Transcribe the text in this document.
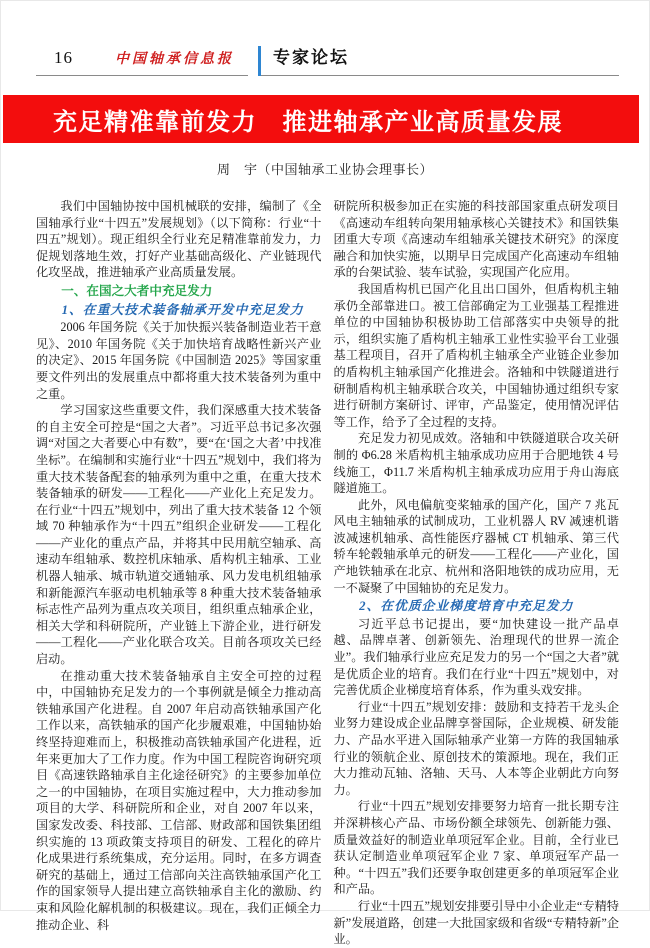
16	中国轴承信息报	专家论坛
充足精准靠前发力　推进轴承产业高质量发展
周　宇（中国轴承工业协会理事长）
我们中国轴协按中国机械联的安排，编制了《全国轴承行业“十四五”发展规划》（以下简称：行业“十四五”规划）。现正组织全行业充足精准靠前发力，力促规划落地生效，打好产业基础高级化、产业链现代化攻坚战，推进轴承产业高质量发展。
一、在国之大者中充足发力
1、在重大技术装备轴承开发中充足发力
2006 年国务院《关于加快振兴装备制造业若干意见》、2010 年国务院《关于加快培育战略性新兴产业的决定》、2015 年国务院《中国制造 2025》等国家重要文件列出的发展重点中都将重大技术装备列为重中之重。
学习国家这些重要文件，我们深感重大技术装备的自主安全可控是“国之大者”。习近平总书记多次强调“对国之大者要心中有数”，要“在‘国之大者’中找准坐标”。在编制和实施行业“十四五”规划中，我们将为重大技术装备配套的轴承列为重中之重，在重大技术装备轴承的研发——工程化——产业化上充足发力。在行业“十四五”规划中，列出了重大技术装备 12 个领域 70 种轴承作为“十四五”组织企业研发——工程化——产业化的重点产品，并将其中民用航空轴承、高速动车组轴承、数控机床轴承、盾构机主轴承、工业机器人轴承、城市轨道交通轴承、风力发电机组轴承和新能源汽车驱动电机轴承等 8 种重大技术装备轴承标志性产品列为重点攻关项目，组织重点轴承企业，相关大学和科研院所，产业链上下游企业，进行研发——工程化——产业化联合攻关。目前各项攻关已经启动。
在推动重大技术装备轴承自主安全可控的过程中，中国轴协充足发力的一个事例就是倾全力推动高铁轴承国产化进程。自 2007 年启动高铁轴承国产化工作以来，高铁轴承的国产化步履艰难，中国轴协始终坚持迎难而上，积极推动高铁轴承国产化进程，近年来更加大了工作力度。作为中国工程院咨询研究项目《高速铁路轴承自主化途径研究》的主要参加单位之一的中国轴协，在项目实施过程中，大力推动参加项目的大学、科研院所和企业，对自 2007 年以来，国家发改委、科技部、工信部、财政部和国铁集团组织实施的 13 项政策支持项目的研发、工程化的碎片化成果进行系统集成，充分运用。同时，在多方调查研究的基础上，通过工信部向关注高铁轴承国产化工作的国家领导人提出建立高铁轴承自主化的激励、约束和风险化解机制的积极建议。现在，我们正倾全力推动企业、科
研院所积极参加正在实施的科技部国家重点研发项目《高速动车组转向架用轴承核心关键技术》和国铁集团重大专项《高速动车组轴承关键技术研究》的深度融合和加快实施，以期早日完成国产化高速动车组轴承的台架试验、装车试验，实现国产化应用。
我国盾构机已国产化且出口国外，但盾构机主轴承仍全部靠进口。被工信部确定为工业强基工程推进单位的中国轴协积极协助工信部落实中央领导的批示，组织实施了盾构机主轴承工业性实验平台工业强基工程项目，召开了盾构机主轴承全产业链企业参加的盾构机主轴承国产化推进会。洛轴和中铁隧道进行研制盾构机主轴承联合攻关，中国轴协通过组织专家进行研制方案研讨、评审，产品鉴定，使用情况评估等工作，给予了全过程的支持。
充足发力初见成效。洛轴和中铁隧道联合攻关研制的 Φ6.28 米盾构机主轴承成功应用于合肥地铁 4 号线施工，Φ11.7 米盾构机主轴承成功应用于舟山海底隧道施工。
此外，风电偏航变桨轴承的国产化，国产 7 兆瓦风电主轴轴承的试制成功，工业机器人 RV 减速机谐波减速机轴承、高性能医疗器械 CT 机轴承、第三代轿车轮毂轴承单元的研发——工程化——产业化，国产地铁轴承在北京、杭州和洛阳地铁的成功应用，无一不凝聚了中国轴协的充足发力。
2、在优质企业梯度培育中充足发力
习近平总书记提出，要“加快建设一批产品卓越、品牌卓著、创新领先、治理现代的世界一流企业”。我们轴承行业应充足发力的另一个“国之大者”就是优质企业的培育。我们在行业“十四五”规划中，对完善优质企业梯度培育体系，作为重头戏安排。
行业“十四五”规划安排：鼓励和支持若干龙头企业努力建设成企业品牌享誉国际，企业规模、研发能力、产品水平进入国际轴承产业第一方阵的我国轴承行业的领航企业、原创技术的策源地。现在，我们正大力推动瓦轴、洛轴、天马、人本等企业朝此方向努力。
行业“十四五”规划安排要努力培育一批长期专注并深耕核心产品、市场份额全球领先、创新能力强、质量效益好的制造业单项冠军企业。目前，全行业已获认定制造业单项冠军企业 7 家、单项冠军产品一种。“十四五”我们还要争取创建更多的单项冠军企业和产品。
行业“十四五”规划安排要引导中小企业走“专精特新”发展道路，创建一大批国家级和省级“专精特新”企业。
